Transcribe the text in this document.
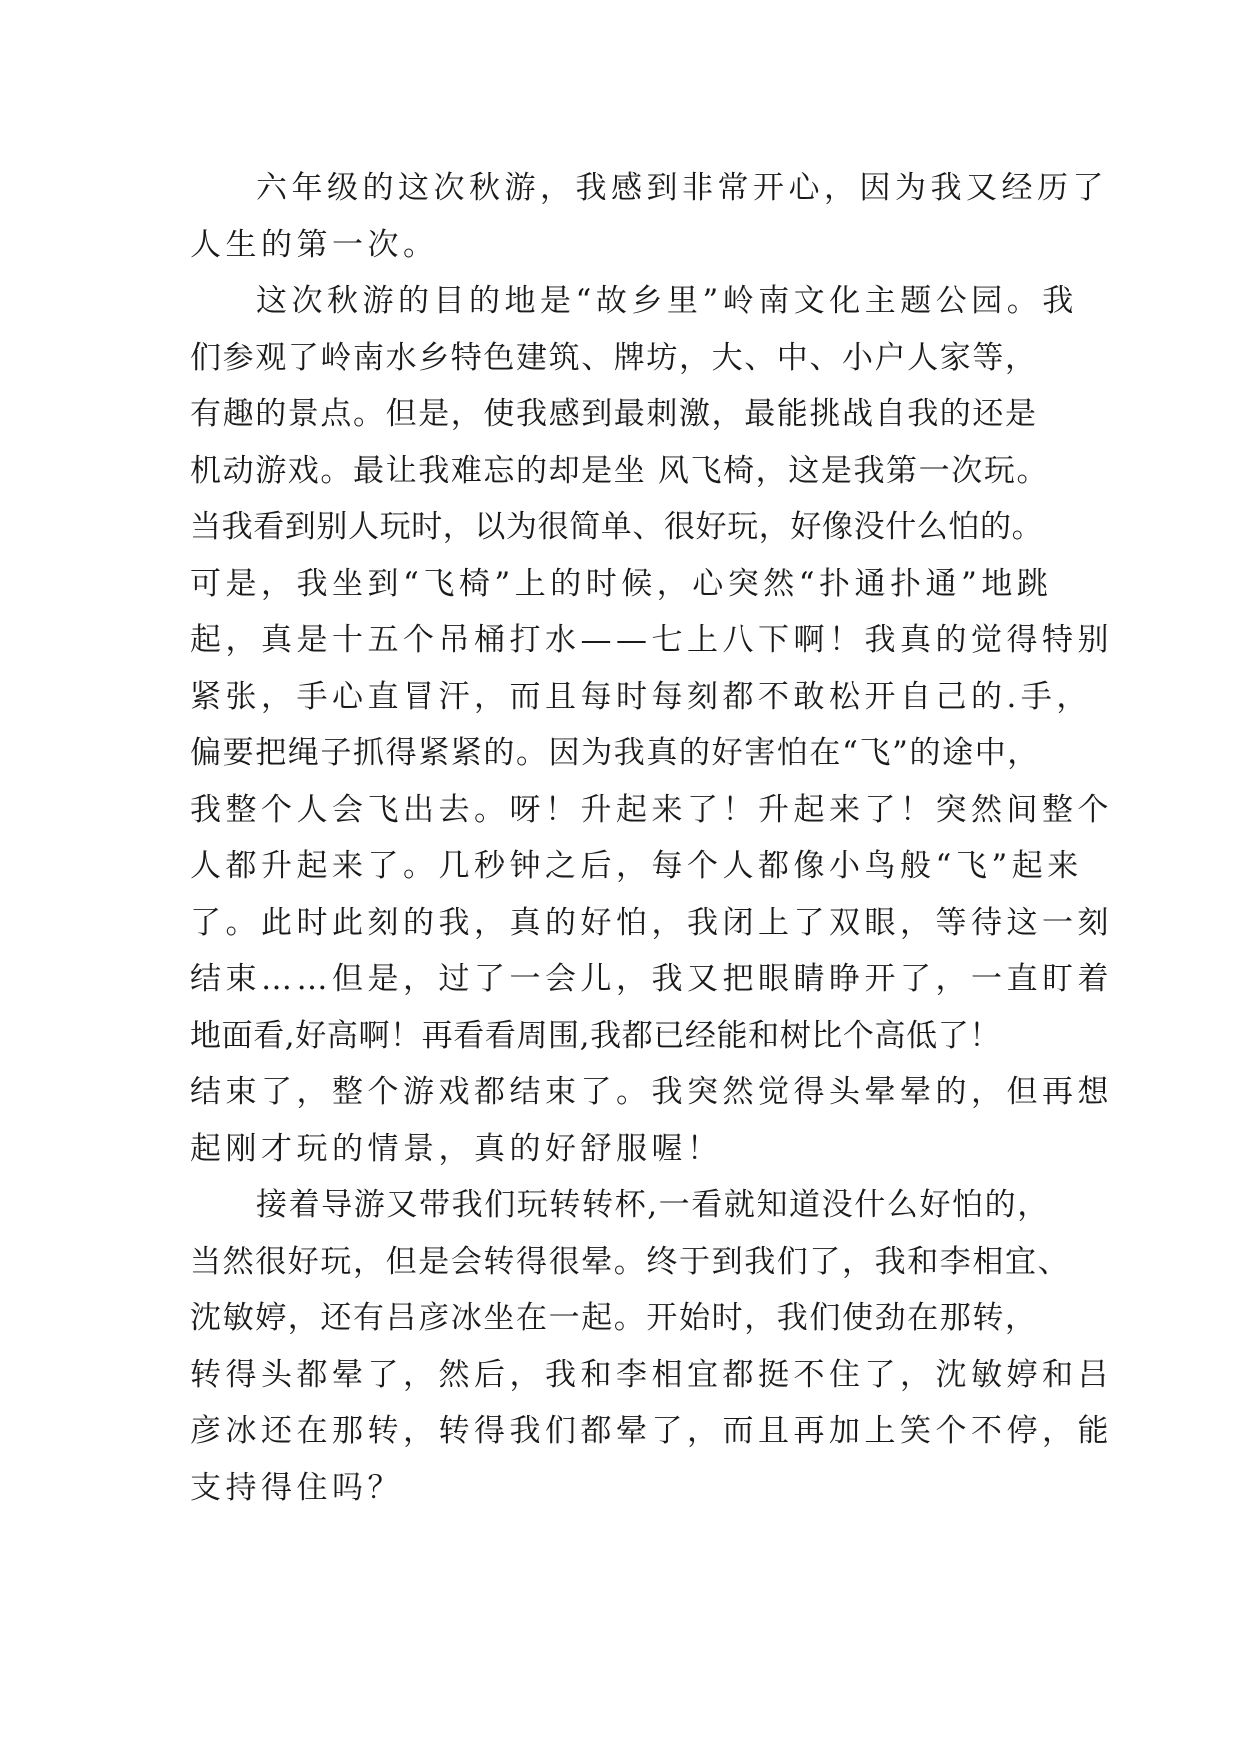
六年级的这次秋游，我感到非常开心，因为我又经历了
人生的第一次。
这次秋游的目的地是“故乡里”岭南文化主题公园。我
们参观了岭南水乡特色建筑、牌坊，大、中、小户人家等，
有趣的景点。但是，使我感到最刺激，最能挑战自我的还是
机动游戏。最让我难忘的却是坐 风飞椅，这是我第一次玩。
当我看到别人玩时，以为很简单、很好玩，好像没什么怕的。
可是，我坐到“飞椅”上的时候，心突然“扑通扑通”地跳
起，真是十五个吊桶打水——七上八下啊！我真的觉得特别
紧张，手心直冒汗，而且每时每刻都不敢松开自己的.手，
偏要把绳子抓得紧紧的。因为我真的好害怕在“飞”的途中，
我整个人会飞出去。呀！升起来了！升起来了！突然间整个
人都升起来了。几秒钟之后，每个人都像小鸟般“飞”起来
了。此时此刻的我，真的好怕，我闭上了双眼，等待这一刻
结束……但是，过了一会儿，我又把眼睛睁开了，一直盯着
地面看,好高啊！再看看周围,我都已经能和树比个高低了！
结束了，整个游戏都结束了。我突然觉得头晕晕的，但再想
起刚才玩的情景，真的好舒服喔！
接着导游又带我们玩转转杯,一看就知道没什么好怕的，
当然很好玩，但是会转得很晕。终于到我们了，我和李相宜、
沈敏婷，还有吕彦冰坐在一起。开始时，我们使劲在那转，
转得头都晕了，然后，我和李相宜都挺不住了，沈敏婷和吕
彦冰还在那转，转得我们都晕了，而且再加上笑个不停，能
支持得住吗？
